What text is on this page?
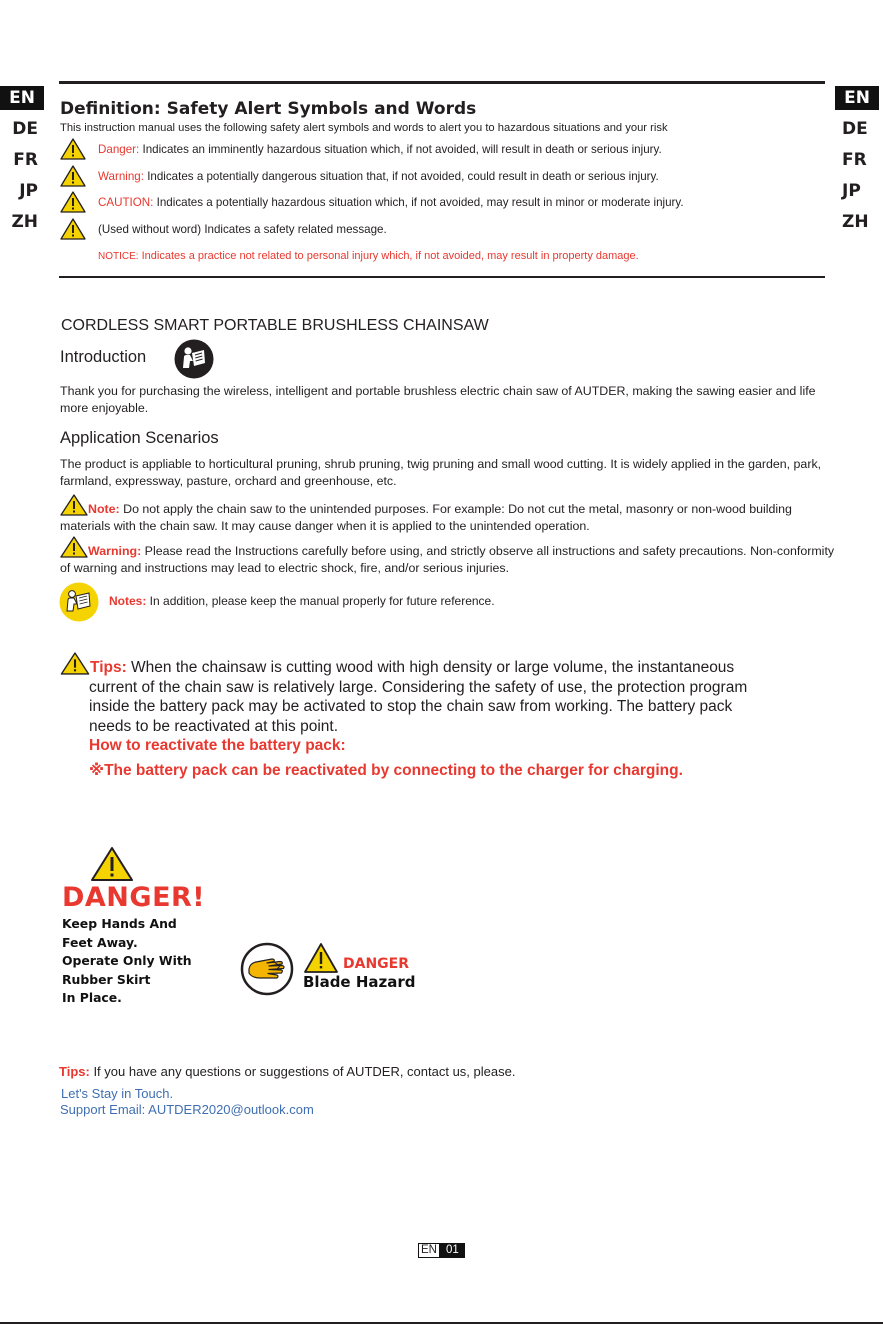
EN
DE
FR
JP
ZH
EN
DE
FR
JP
ZH
Definition: Safety Alert Symbols and Words
This instruction manual uses the following safety alert symbols and words to alert you to hazardous situations and your risk
Danger: Indicates an imminently hazardous situation which, if not avoided, will result in death or serious injury.
Warning: Indicates a potentially dangerous situation that, if not avoided, could result in death or serious injury.
CAUTION: Indicates a potentially hazardous situation which, if not avoided, may result in minor or moderate injury.
(Used without word) Indicates a safety related message.
NOTICE: Indicates a practice not related to personal injury which, if not avoided, may result in property damage.
CORDLESS SMART PORTABLE BRUSHLESS CHAINSAW
Introduction
Thank you for purchasing the wireless, intelligent and portable brushless electric chain saw of AUTDER, making the sawing easier and life more enjoyable.
Application Scenarios
The product is appliable to horticultural pruning, shrub pruning, twig pruning and small wood cutting. It is widely applied in the garden, park, farmland, expressway, pasture, orchard and greenhouse, etc.
Note: Do not apply the chain saw to the unintended purposes. For example: Do not cut the metal, masonry or non-wood building materials with the chain saw. It may cause danger when it is applied to the unintended operation.
Warning: Please read the Instructions carefully before using, and strictly observe all instructions and safety precautions. Non-conformity of warning and instructions may lead to electric shock, fire, and/or serious injuries.
Notes: In addition, please keep the manual properly for future reference.
Tips: When the chainsaw is cutting wood with high density or large volume, the instantaneous
current of the chain saw is relatively large. Considering the safety of use, the protection program
inside the battery pack may be activated to stop the chain saw from working. The battery pack
needs to be reactivated at this point.
How to reactivate the battery pack:
※The battery pack can be reactivated by connecting to the charger for charging.
DANGER!
Keep Hands And
Feet Away.
Operate Only With
Rubber Skirt
In Place.
DANGER
Blade Hazard
Tips: If you have any questions or suggestions of AUTDER, contact us, please.
Let's Stay in Touch.
Support Email: AUTDER2020@outlook.com
EN 01
